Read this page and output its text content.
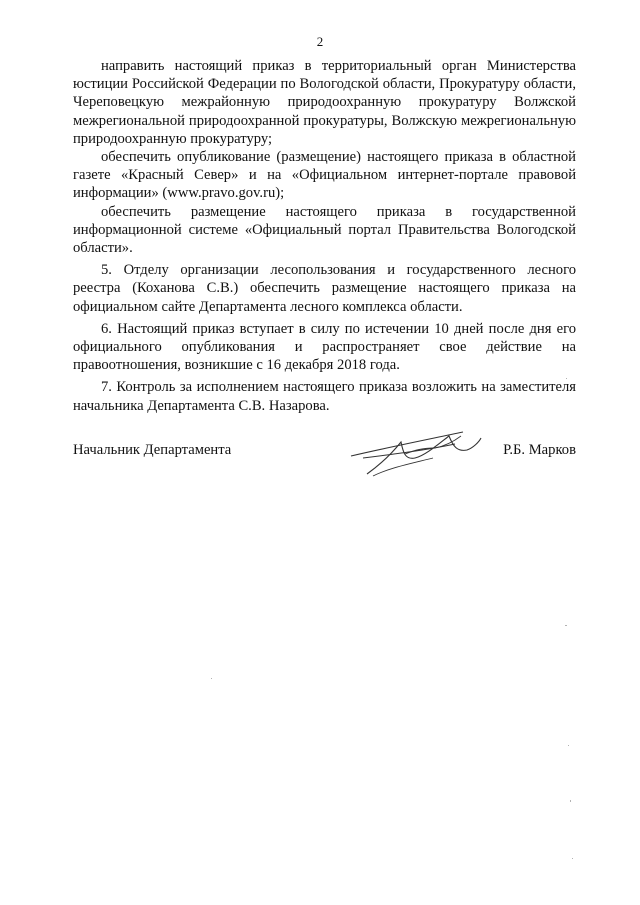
2

направить настоящий приказ в территориальный орган Министерства юстиции Российской Федерации по Вологодской области, Прокуратуру области, Череповецкую межрайонную природоохранную прокуратуру Волжской межрегиональной природоохранной прокуратуры, Волжскую межрегиональную природоохранную прокуратуру;

обеспечить опубликование (размещение) настоящего приказа в областной газете «Красный Север» и на «Официальном интернет-портале правовой информации» (www.pravo.gov.ru);

обеспечить размещение настоящего приказа в государственной информационной системе «Официальный портал Правительства Вологодской области».

5. Отделу организации лесопользования и государственного лесного реестра (Коханова С.В.) обеспечить размещение настоящего приказа на официальном сайте Департамента лесного комплекса области.

6. Настоящий приказ вступает в силу по истечении 10 дней после дня его официального опубликования и распространяет свое действие на правоотношения, возникшие с 16 декабря 2018 года.

7. Контроль за исполнением настоящего приказа возложить на заместителя начальника Департамента С.В. Назарова.

Начальник Департамента	Р.Б. Марков
